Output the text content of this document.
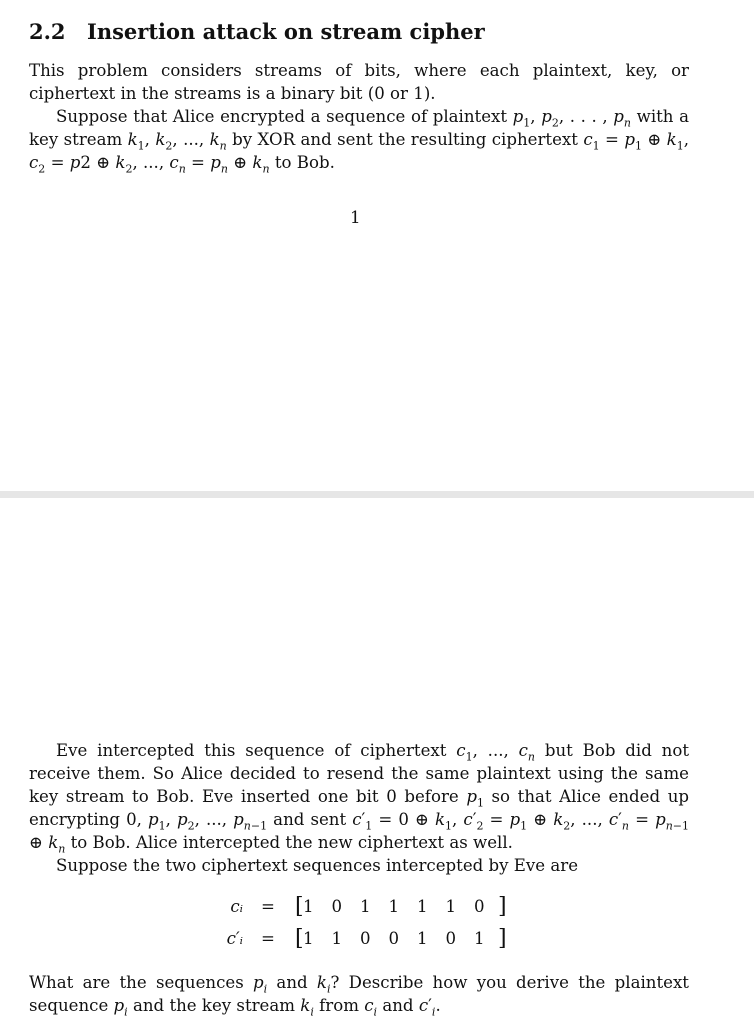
2.2 Insertion attack on stream cipher

This problem considers streams of bits, where each plaintext, key, or ciphertext in the streams is a binary bit (0 or 1).

Suppose that Alice encrypted a sequence of plaintext $p_1$, $p_2$, . . . , $p_n$ with a key stream $k_1$, $k_2$, ..., $k_n$ by XOR and sent the resulting ciphertext $c_1 = p_1$ ⊕ $k_1$, $c_2 = p2$ ⊕ $k_2$, ..., $c_n = p_n$ ⊕ $k_n$ to Bob.

1

Eve intercepted this sequence of ciphertext $c_1$, ..., $c_n$ but Bob did not receive them. So Alice decided to resend the same plaintext using the same key stream to Bob. Eve inserted one bit 0 before $p_1$ so that Alice ended up encrypting 0, $p_1$, $p_2$, ..., $p_{n-1}$ and sent $c'_1 = 0$ ⊕ $k_1$, $c'_2 = p_1$ ⊕ $k_2$, ..., $c'_n = p_{n-1}$ ⊕ $k_n$ to Bob. Alice intercepted the new ciphertext as well.

Suppose the two ciphertext sequences intercepted by Eve are

cᵢ = [ 1 0 1 1 1 1 0 ]
c′ᵢ = [ 1 1 0 0 1 0 1 ]

What are the sequences $p_i$ and $k_i$? Describe how you derive the plaintext sequence $p_i$ and the key stream $k_i$ from $c_i$ and $c'_i$.
